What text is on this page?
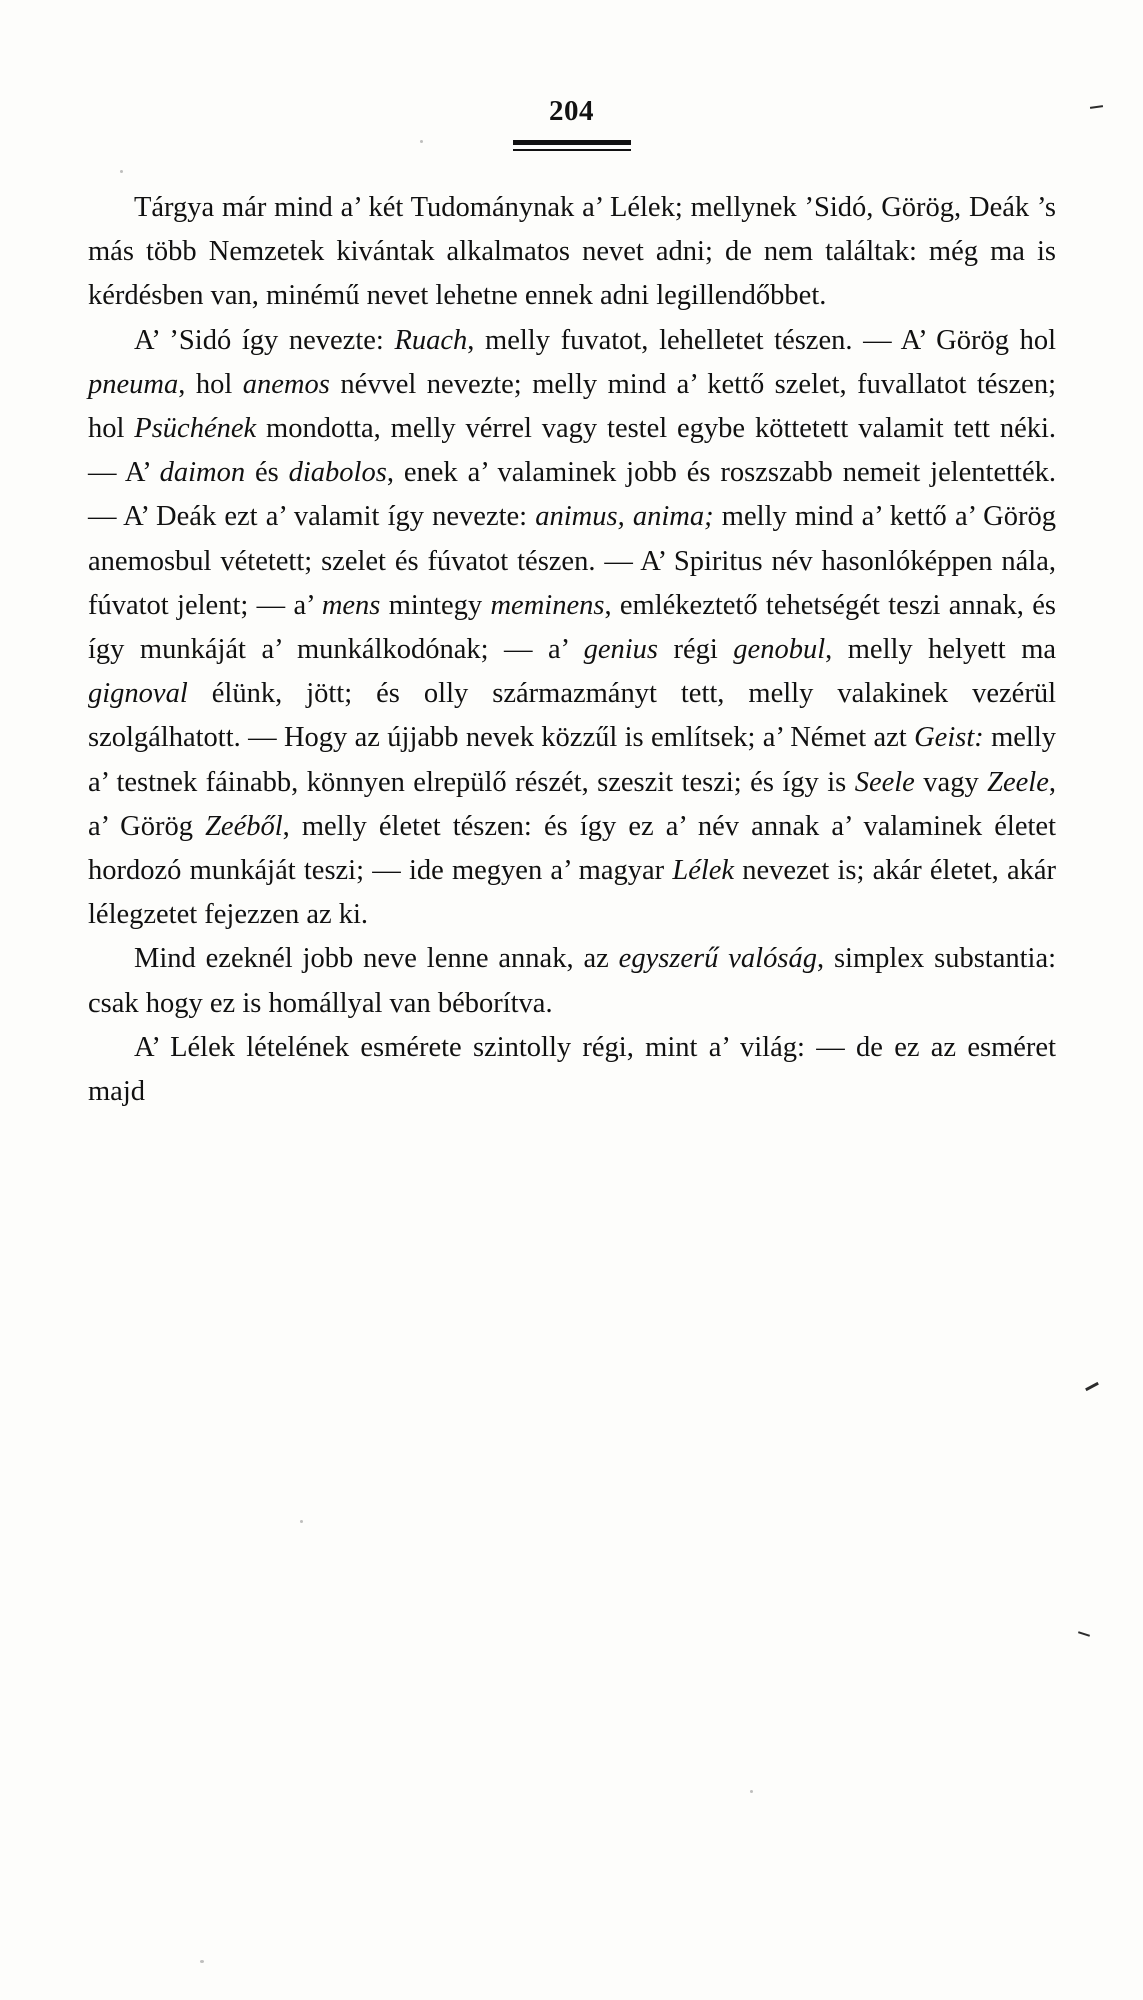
204

Tárgya már mind a’ két Tudománynak a’ Lélek; mellynek ’Sidó, Görög, Deák ’s más több Nemzetek kivántak alkalmatos nevet adni; de nem találtak: még ma is kérdésben van, minémű nevet lehetne ennek adni legillendőbbet.

A’ ’Sidó így nevezte: Ruach, melly fuvatot, lehelletet tészen. — A’ Görög hol pneuma, hol anemos névvel nevezte; melly mind a’ kettő szelet, fuvallatot tészen; hol Psüchének mondotta, melly vérrel vagy testel egybe köttetett valamit tett néki. — A’ daimon és diabolos, enek a’ valaminek jobb és roszszabb nemeit jelentették. — A’ Deák ezt a’ valamit így nevezte: animus, anima; melly mind a’ kettő a’ Görög anemosbul vétetett; szelet és fúvatot tészen. — A’ Spiritus név hasonlóképpen nála, fúvatot jelent; — a’ mens mintegy meminens, emlékeztető tehetségét teszi annak, és így munkáját a’ munkálkodónak; — a’ genius régi genobul, melly helyett ma gignoval élünk, jött; és olly származmányt tett, melly valakinek vezérül szolgálhatott. — Hogy az újjabb nevek közzűl is említsek; a’ Német azt Geist: melly a’ testnek fáinabb, könnyen elrepülő részét, szeszit teszi; és így is Seele vagy Zeele, a’ Görög Zeéből, melly életet tészen: és így ez a’ név annak a’ valaminek életet hordozó munkáját teszi; — ide megyen a’ magyar Lélek nevezet is; akár életet, akár lélegzetet fejezzen az ki.

Mind ezeknél jobb neve lenne annak, az egyszerű valóság, simplex substantia: csak hogy ez is homállyal van béborítva.

A’ Lélek lételének esmérete szintolly régi, mint a’ világ: — de ez az esméret majd
